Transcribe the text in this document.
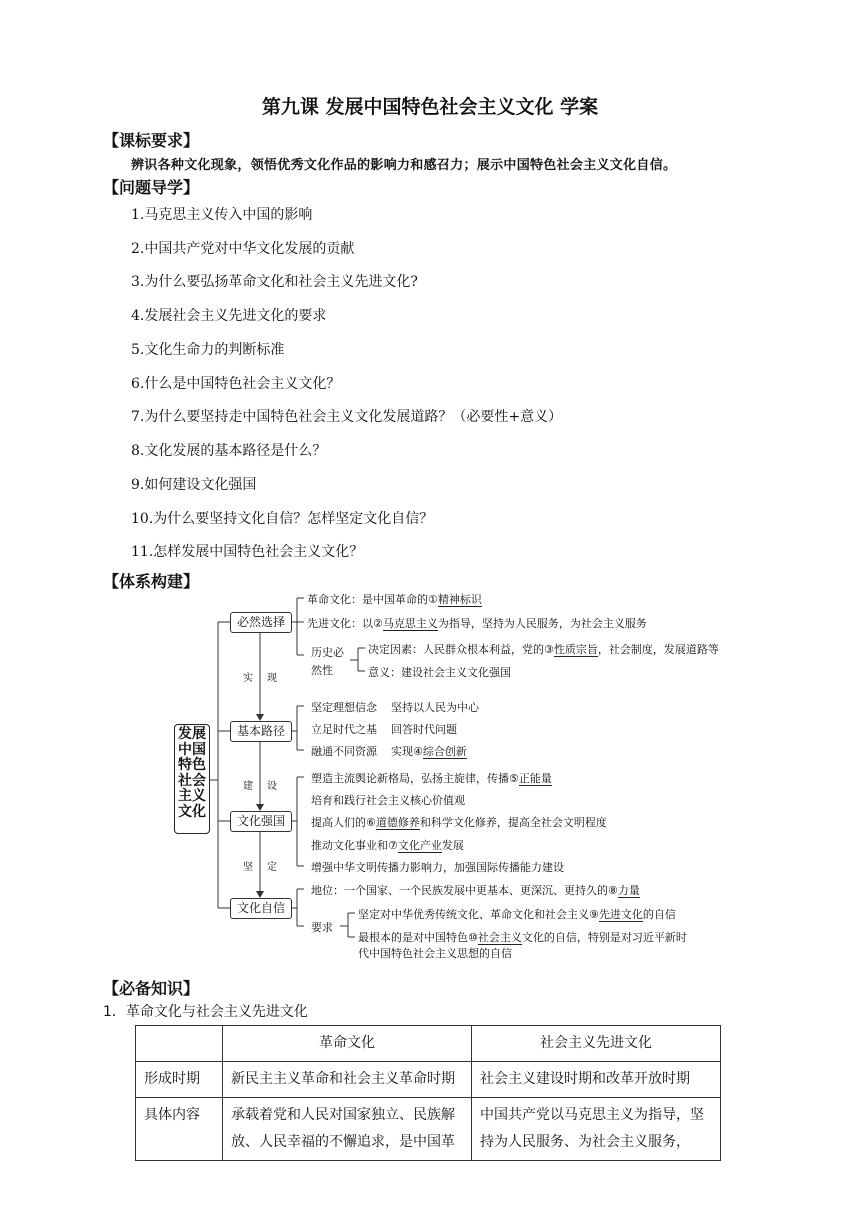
第九课 发展中国特色社会主义文化 学案
【课标要求】
辨识各种文化现象，领悟优秀文化作品的影响力和感召力；展示中国特色社会主义文化自信。
【问题导学】
1.马克思主义传入中国的影响
2.中国共产党对中华文化发展的贡献
3.为什么要弘扬革命文化和社会主义先进文化?
4.发展社会主义先进文化的要求
5.文化生命力的判断标准
6.什么是中国特色社会主义文化？
7.为什么要坚持走中国特色社会主义文化发展道路？（必要性+意义）
8.文化发展的基本路径是什么？
9.如何建设文化强国
10.为什么要坚持文化自信？怎样坚定文化自信？
11.怎样发展中国特色社会主义文化？
【体系构建】
发展
中国
特色
社会
主义
文化
必然选择
基本路径
文化强国
文化自信
实 现
建 设
坚 定
革命文化：是中国革命的①精神标识
先进文化：以②马克思主义为指导，坚持为人民服务，为社会主义服务
历史必
然性
决定因素：人民群众根本利益，党的③性质宗旨，社会制度，发展道路等
意义：建设社会主义文化强国
坚定理想信念    坚持以人民为中心
立足时代之基    回答时代问题
融通不同资源    实现④综合创新
塑造主流舆论新格局，弘扬主旋律，传播⑤正能量
培育和践行社会主义核心价值观
提高人们的⑥道德修养和科学文化修养，提高全社会文明程度
推动文化事业和⑦文化产业发展
增强中华文明传播力影响力，加强国际传播能力建设
地位：一个国家、一个民族发展中更基本、更深沉、更持久的⑧力量
要求
坚定对中华优秀传统文化、革命文化和社会主义⑨先进文化的自信
最根本的是对中国特色⑩社会主义文化的自信，特别是对习近平新时
代中国特色社会主义思想的自信
【必备知识】
1．革命文化与社会主义先进文化
	革命文化	社会主义先进文化
形成时期	新民主主义革命和社会主义革命时期	社会主义建设时期和改革开放时期
具体内容	承载着党和人民对国家独立、民族解放、人民幸福的不懈追求，是中国革	中国共产党以马克思主义为指导，坚持为人民服务、为社会主义服务，
